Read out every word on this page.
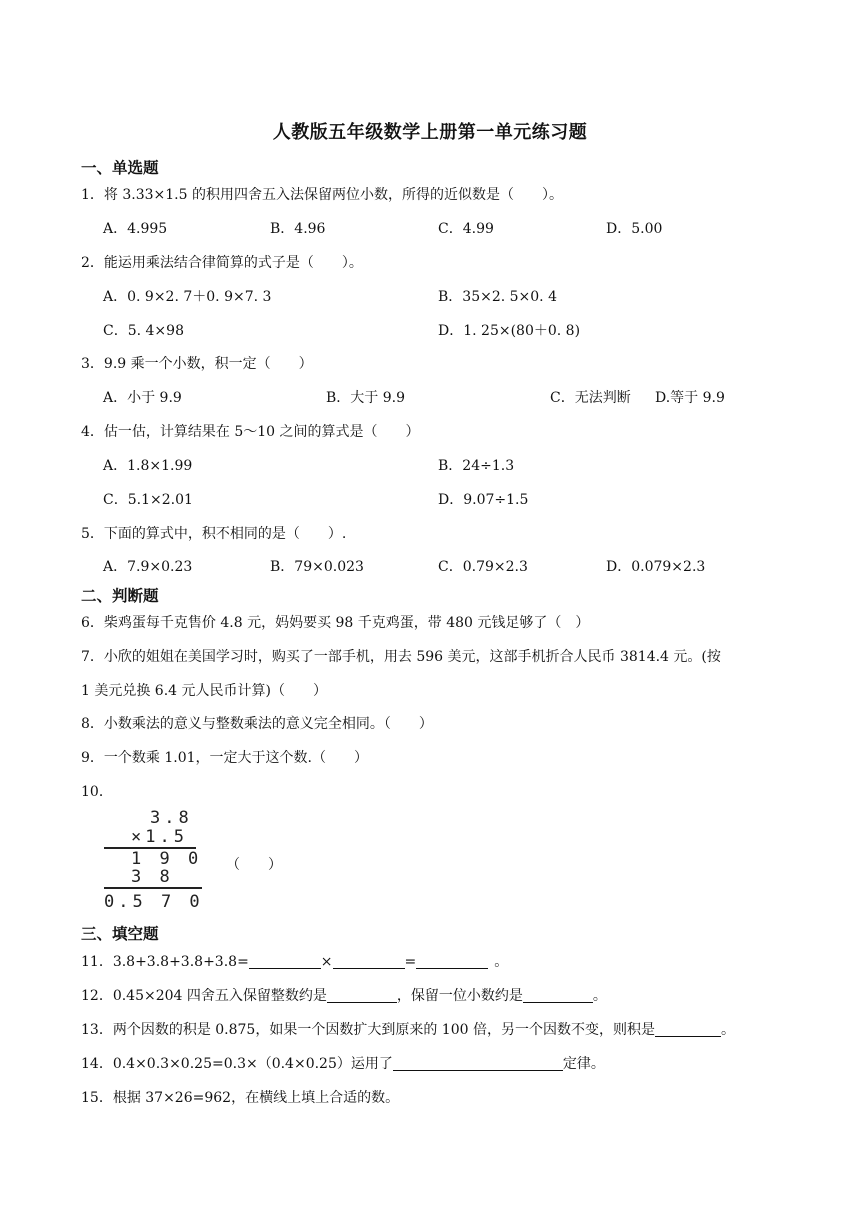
人教版五年级数学上册第一单元练习题
一、单选题
1．将 3.33×1.5 的积用四舍五入法保留两位小数，所得的近似数是（　　）。
A．4.995	B．4.96	C．4.99	D．5.00
2．能运用乘法结合律简算的式子是（　　）。
A．0. 9×2. 7＋0. 9×7. 3	B．35×2. 5×0. 4
C．5. 4×98	D．1. 25×(80＋0. 8)
3．9.9 乘一个小数，积一定（　　）
A．小于 9.9	B．大于 9.9	C．无法判断 D.等于 9.9
4．估一估，计算结果在 5～10 之间的算式是（　　）
A．1.8×1.99	B．24÷1.3
C．5.1×2.01	D．9.07÷1.5
5．下面的算式中，积不相同的是（　　）.
A．7.9×0.23	B．79×0.023	C．0.79×2.3	D．0.079×2.3
二、判断题
6．柴鸡蛋每千克售价 4.8 元，妈妈要买 98 千克鸡蛋，带 480 元钱足够了（　）
7．小欣的姐姐在美国学习时，购买了一部手机，用去 596 美元，这部手机折合人民币 3814.4 元。(按
1 美元兑换 6.4 元人民币计算)（　　）
8．小数乘法的意义与整数乘法的意义完全相同。（　　）
9．一个数乘 1.01，一定大于这个数.（　　）
10．
3.8
×1.5
1 9 0
3 8
0.5 7 0
（　　）
三、填空题
11．3.8+3.8+3.8+3.8=	×	=	。
12．0.45×204 四舍五入保留整数约是	，保留一位小数约是	。
13．两个因数的积是 0.875，如果一个因数扩大到原来的 100 倍，另一个因数不变，则积是	。
14．0.4×0.3×0.25=0.3×（0.4×0.25）运用了	定律。
15．根据 37×26=962，在横线上填上合适的数。
